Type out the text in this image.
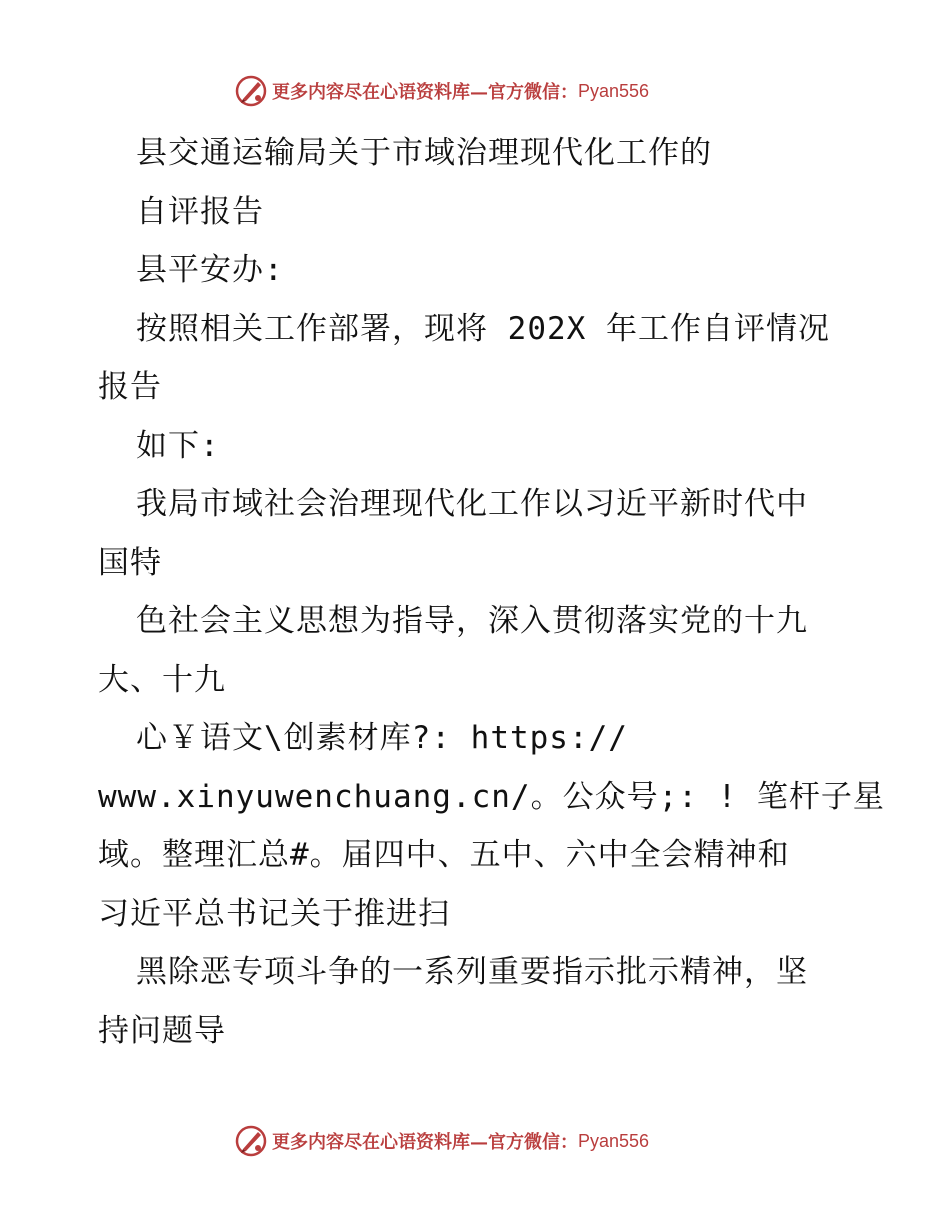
更多内容尽在心语资料库—官方微信： Pyan556
县交通运输局关于市域治理现代化工作的
自评报告
县平安办:
按照相关工作部署，现将 202X 年工作自评情况
报告
如下:
我局市域社会治理现代化工作以习近平新时代中
国特
色社会主义思想为指导，深入贯彻落实党的十九
大、十九
心￥语文\创素材库?: https://
www.xinyuwenchuang.cn/。公众号;: ! 笔杆子星
域。整理汇总#。届四中、五中、六中全会精神和
习近平总书记关于推进扫
黑除恶专项斗争的一系列重要指示批示精神，坚
持问题导
更多内容尽在心语资料库—官方微信： Pyan556
